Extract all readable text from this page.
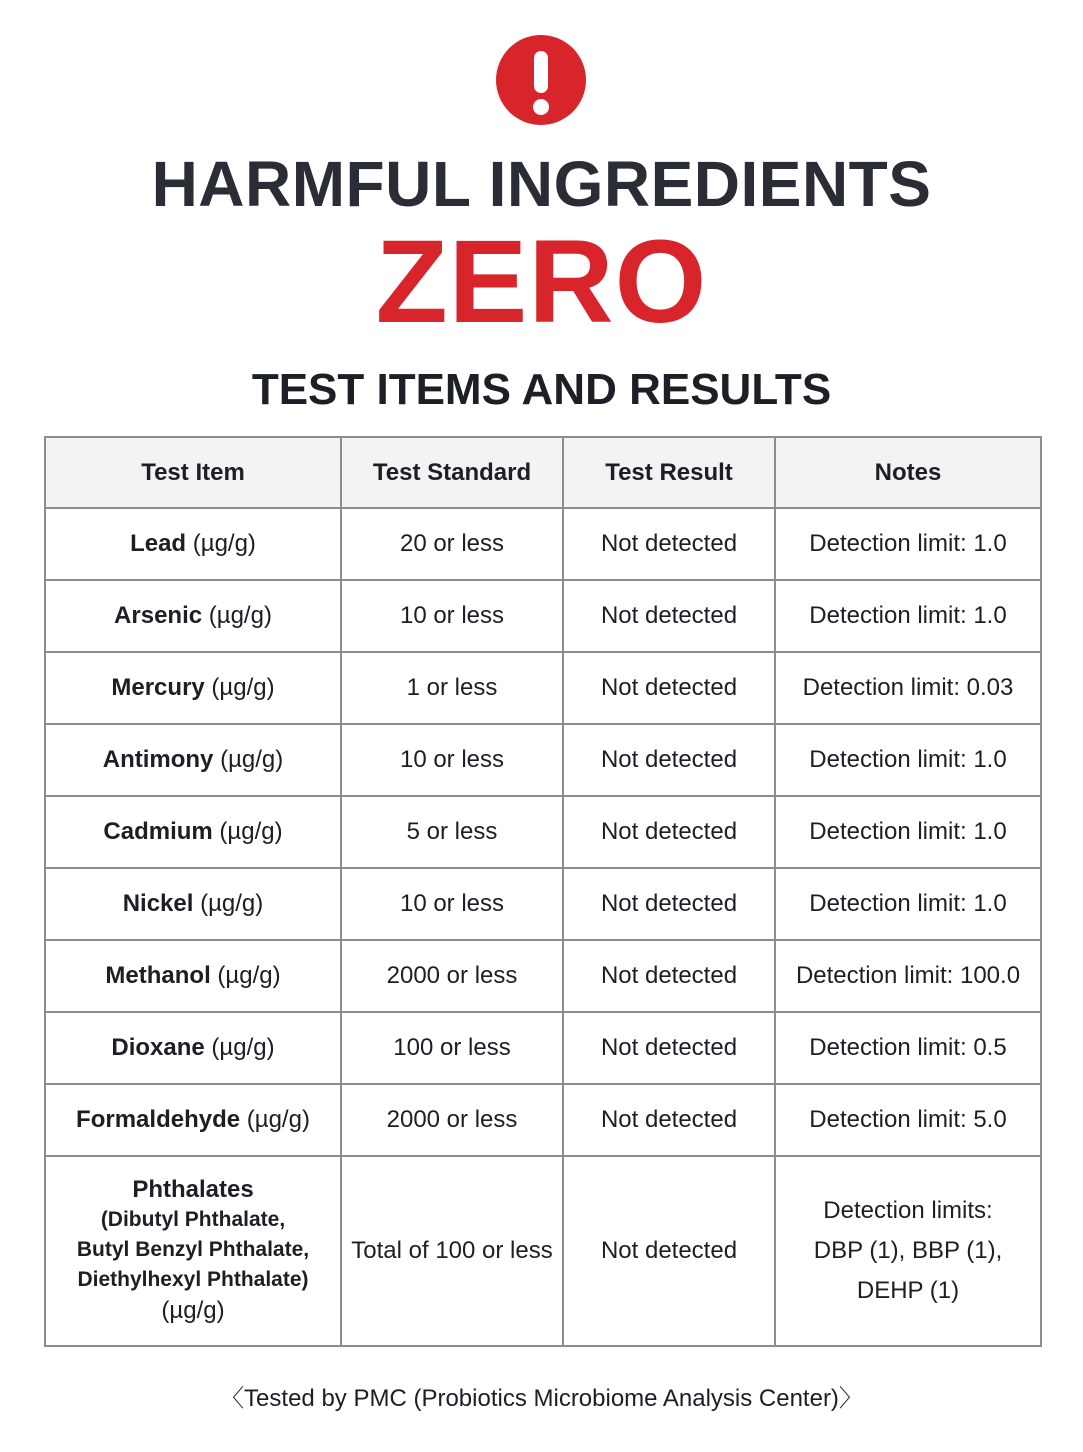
HARMFUL INGREDIENTS
ZERO
TEST ITEMS AND RESULTS
Test Item	Test Standard	Test Result	Notes
Lead (µg/g)	20 or less	Not detected	Detection limit: 1.0
Arsenic (µg/g)	10 or less	Not detected	Detection limit: 1.0
Mercury (µg/g)	1 or less	Not detected	Detection limit: 0.03
Antimony (µg/g)	10 or less	Not detected	Detection limit: 1.0
Cadmium (µg/g)	5 or less	Not detected	Detection limit: 1.0
Nickel (µg/g)	10 or less	Not detected	Detection limit: 1.0
Methanol (µg/g)	2000 or less	Not detected	Detection limit: 100.0
Dioxane (µg/g)	100 or less	Not detected	Detection limit: 0.5
Formaldehyde (µg/g)	2000 or less	Not detected	Detection limit: 5.0

Phthalates
(Dibutyl Phthalate,
Butyl Benzyl Phthalate,
Diethylhexyl Phthalate)
(µg/g)	Total of 100 or less	Not detected	Detection limits:
DBP (1), BBP (1),
DEHP (1)
〈Tested by PMC (Probiotics Microbiome Analysis Center)〉
